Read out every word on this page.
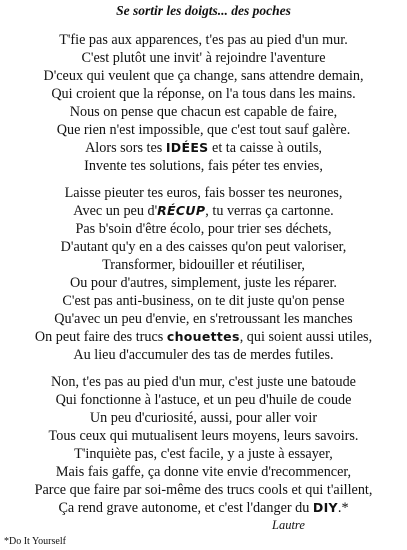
Se sortir les doigts... des poches
T'fie pas aux apparences, t'es pas au pied d'un mur.
C'est plutôt une invit' à rejoindre l'aventure
D'ceux qui veulent que ça change, sans attendre demain,
Qui croient que la réponse, on l'a tous dans les mains.
Nous on pense que chacun est capable de faire,
Que rien n'est impossible, que c'est tout sauf galère.
Alors sors tes IDÉES et ta caisse à outils,
Invente tes solutions, fais péter tes envies,
Laisse pieuter tes euros, fais bosser tes neurones,
Avec un peu d'RÉCUP, tu verras ça cartonne.
Pas b'soin d'être écolo, pour trier ses déchets,
D'autant qu'y en a des caisses qu'on peut valoriser,
Transformer, bidouiller et réutiliser,
Ou pour d'autres, simplement, juste les réparer.
C'est pas anti-business, on te dit juste qu'on pense
Qu'avec un peu d'envie, en s'retroussant les manches
On peut faire des trucs chouettes, qui soient aussi utiles,
Au lieu d'accumuler des tas de merdes futiles.
Non, t'es pas au pied d'un mur, c'est juste une batoude
Qui fonctionne à l'astuce, et un peu d'huile de coude
Un peu d'curiosité, aussi, pour aller voir
Tous ceux qui mutualisent leurs moyens, leurs savoirs.
T'inquiète pas, c'est facile, y a juste à essayer,
Mais fais gaffe, ça donne vite envie d'recommencer,
Parce que faire par soi-même des trucs cools et qui t'aillent,
Ça rend grave autonome, et c'est l'danger du DIY.*
Lautre
*Do It Yourself
